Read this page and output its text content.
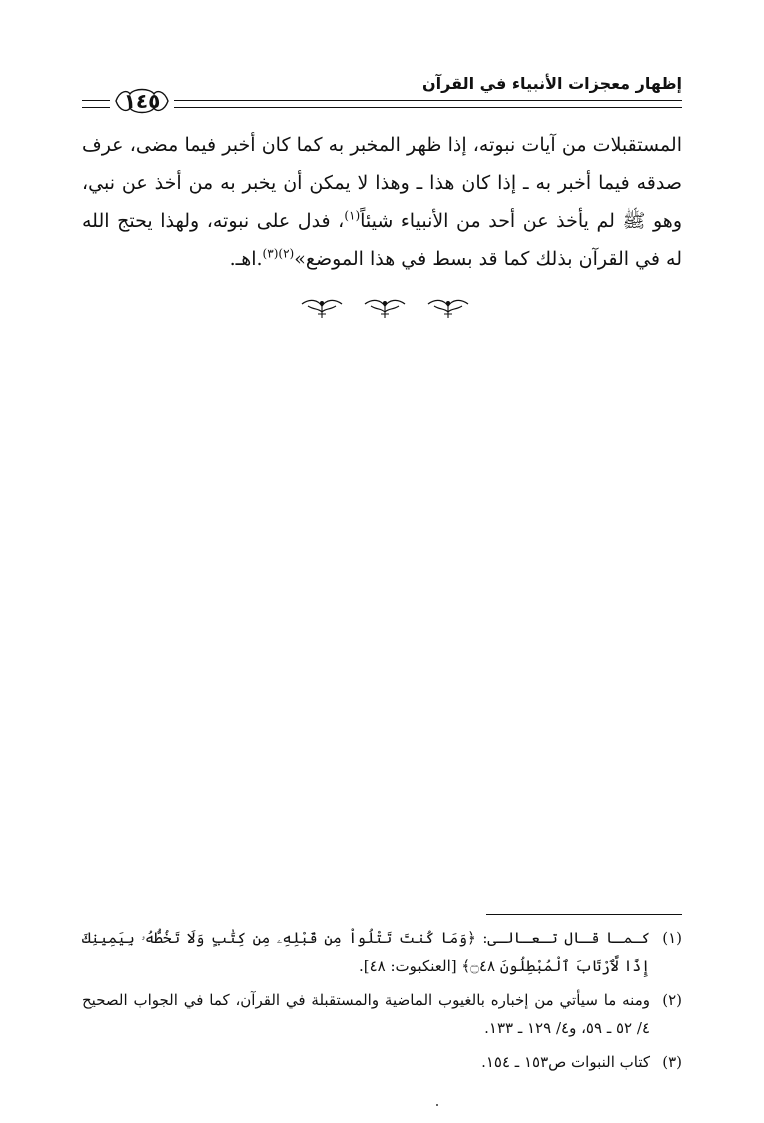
إظهار معجزات الأنبياء في القرآن
١٤٥

المستقبلات من آيات نبوته، إذا ظهر المخبر به كما كان أخبر فيما مضى، عرف صدقه فيما أخبر به ـ إذا كان هذا ـ وهذا لا يمكن أن يخبر به من أخذ عن نبي، وهو ﷺ لم يأخذ عن أحد من الأنبياء شيئاً$^{(١)}$، فدل على نبوته، ولهذا يحتج الله له في القرآن بذلك كما قد بسط في هذا الموضع»$^{(٢)(٣)}$.اهـ.

(١)
كـمـا قـال تـعـالـى: ﴿وَمَا كُنتَ تَتْلُواْ مِن قَبْلِهِۦ مِن كِتَٰبٍ وَلَا تَخُطُّهُۥ بِيَمِينِكَ إِذًا لَّٱرْتَابَ ٱلْمُبْطِلُونَ ۝٤٨﴾ [العنكبوت: ٤٨].
(٢)
ومنه ما سيأتي من إخباره بالغيوب الماضية والمستقبلة في القرآن، كما في الجواب الصحيح ٤/ ٥٢ ـ ٥٩، و٤/ ١٢٩ ـ ١٣٣.
(٣)
كتاب النبوات ص١٥٣ ـ ١٥٤.
